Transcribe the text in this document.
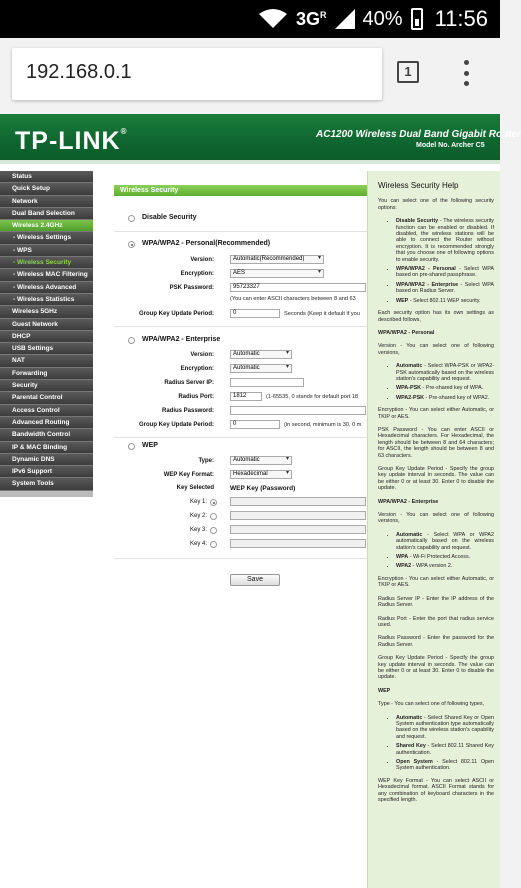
$3G^R$ 40% 11:56
192.168.0.1	1
TP-LINK®	AC1200 Wireless Dual Band Gigabit Router
Model No. Archer C5
Status
Quick Setup
Network
Dual Band Selection
Wireless 2.4GHz
- Wireless Settings
- WPS
- Wireless Security
- Wireless MAC Filtering
- Wireless Advanced
- Wireless Statistics
Wireless 5GHz
Guest Network
DHCP
USB Settings
NAT
Forwarding
Security
Parental Control
Access Control
Advanced Routing
Bandwidth Control
IP & MAC Binding
Dynamic DNS
IPv6 Support
System Tools
Wireless Security
Disable Security
WPA/WPA2 - Personal(Recommended)
Version:	Automatic(Recommended) ▾
Encryption:	AES ▾
PSK Password:	95723327
(You can enter ASCII characters between 8 and 63
Group Key Update Period:	0	Seconds (Keep it default if you
WPA/WPA2 - Enterprise
Version:	Automatic ▾
Encryption:	Automatic ▾
Radius Server IP:
Radius Port:	1812	(1-65535, 0 stands for default port 18
Radius Password:
Group Key Update Period:	0	(in second, minimum is 30, 0 m
WEP
Type:	Automatic ▾
WEP Key Format:	Hexadecimal ▾
Key Selected WEP Key (Password)
Key 1:
Key 2:
Key 3:
Key 4:
Save
Wireless Security Help

You can select one of the following security options:

• Disable Security - The wireless security function can be enabled or disabled. If disabled, the wireless stations will be able to connect the Router without encryption. It is recommended strongly that you choose one of following options to enable security.
• WPA/WPA2 - Personal - Select WPA based on pre-shared passphrase.
• WPA/WPA2 - Enterprise - Select WPA based on Radius Server.
• WEP - Select 802.11 WEP security.

Each security option has its own settings as described follows,

WPA/WPA2 - Personal

Version - You can select one of following versions,

• Automatic - Select WPA-PSK or WPA2-PSK automatically based on the wireless station's capability and request.
• WPA-PSK - Pre-shared key of WPA.
• WPA2-PSK - Pre-shared key of WPA2.

Encryption - You can select either Automatic, or TKIP or AES.

PSK Password - You can enter ASCII or Hexadecimal characters. For Hexadecimal, the length should be between 8 and 64 characters; for ASCII, the length should be between 8 and 63 characters.

Group Key Update Period - Specify the group key update interval in seconds. The value can be either 0 or at least 30. Enter 0 to disable the update.

WPA/WPA2 - Enterprise

Version - You can select one of following versions,

• Automatic - Select WPA or WPA2 automatically based on the wireless station's capability and request.
• WPA - Wi-Fi Protected Access.
• WPA2 - WPA version 2.

Encryption - You can select either Automatic, or TKIP or AES.

Radius Server IP - Enter the IP address of the Radius Server.

Radius Port - Enter the port that radius service used.

Radius Password - Enter the password for the Radius Server.

Group Key Update Period - Specify the group key update interval in seconds. The value can be either 0 or at least 30. Enter 0 to disable the update.

WEP

Type - You can select one of following types,

• Automatic - Select Shared Key or Open System authentication type automatically based on the wireless station's capability and request.
• Shared Key - Select 802.11 Shared Key authentication.
• Open System - Select 802.11 Open System authentication.

WEP Key Format - You can select ASCII or Hexadecimal format. ASCII Format stands for any combination of keyboard characters in the specified length.
